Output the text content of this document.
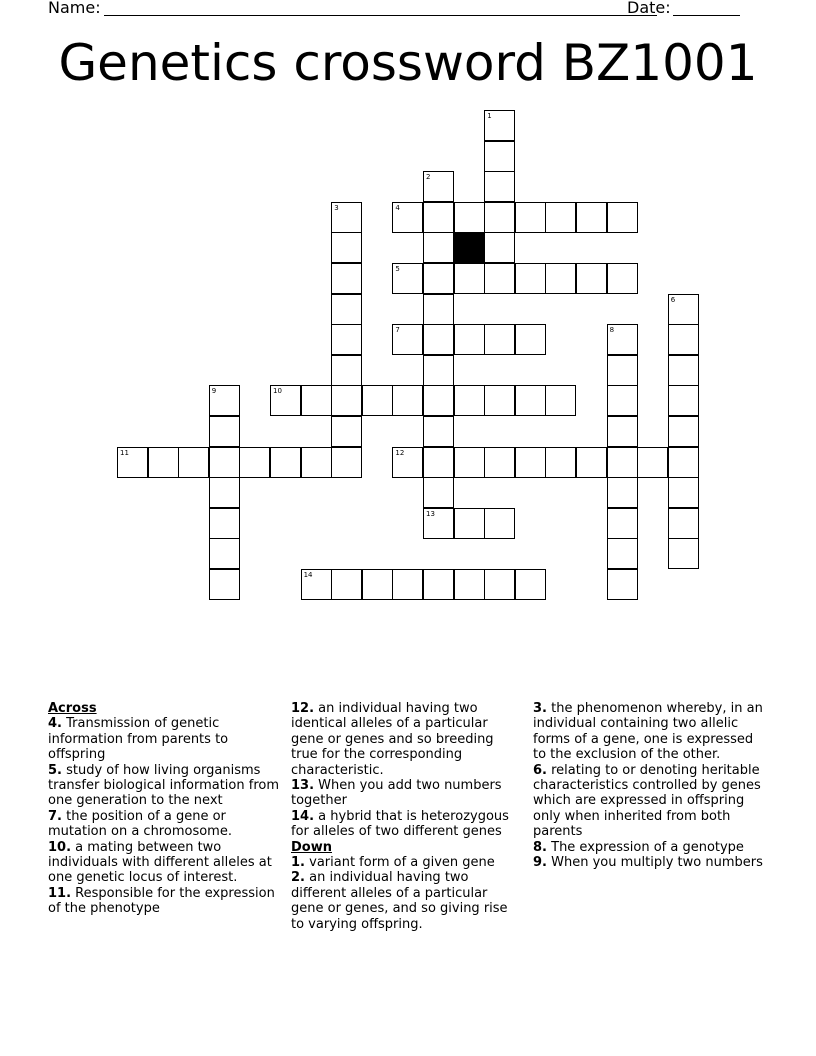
Name:	Date:
Genetics crossword BZ1001
1
2
13
3	4
5
6
7	8
9	10
11	12
14
Across

4. Transmission of genetic information from parents to offspring

5. study of how living organisms transfer biological information from one generation to the next

7. the position of a gene or mutation on a chromosome.

10. a mating between two individuals with different alleles at one genetic locus of interest.

11. Responsible for the expression of the phenotype

12. an individual having two identical alleles of a particular gene or genes and so breeding true for the corresponding characteristic.

13. When you add two numbers together

14. a hybrid that is heterozygous for alleles of two different genes

Down

1. variant form of a given gene

2. an individual having two different alleles of a particular gene or genes, and so giving rise to varying offspring.

3. the phenomenon whereby, in an individual containing two allelic forms of a gene, one is expressed to the exclusion of the other.

6. relating to or denoting heritable characteristics controlled by genes which are expressed in offspring only when inherited from both parents

8. The expression of a genotype

9. When you multiply two numbers
